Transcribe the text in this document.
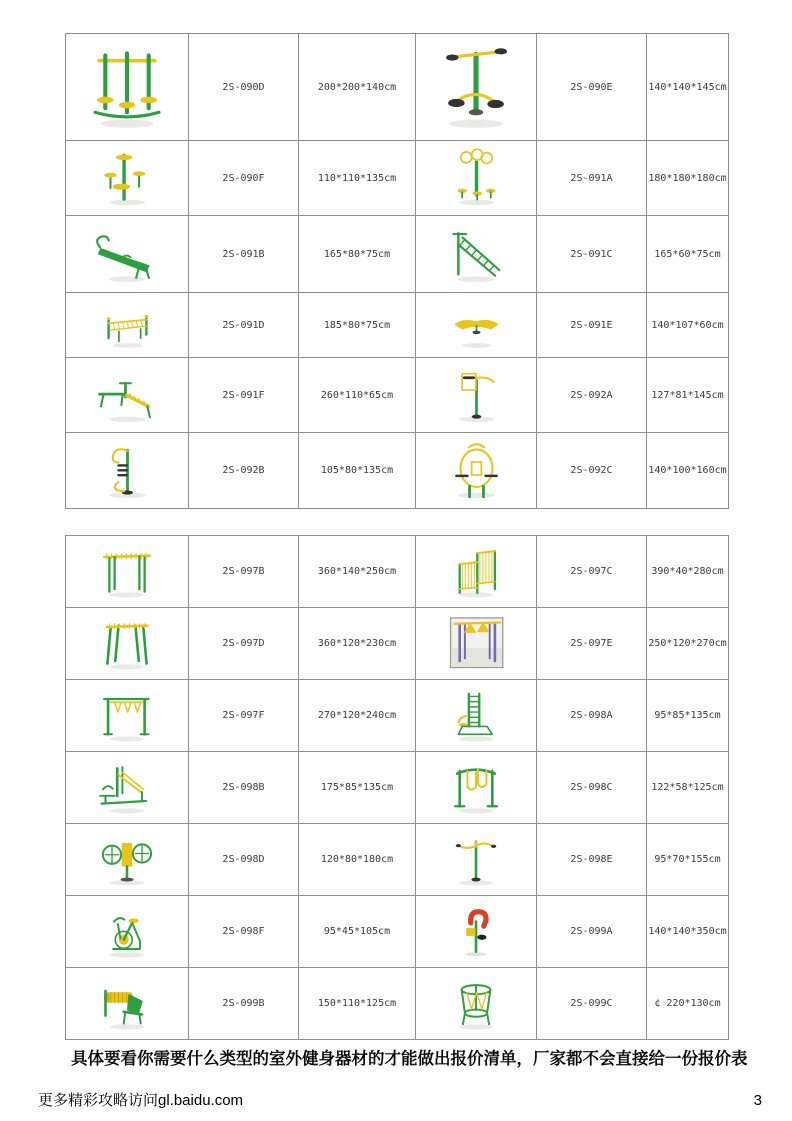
	2S-090D	200*200*140cm		2S-090E	140*140*145cm
	2S-090F	110*110*135cm		2S-091A	180*180*180cm
	2S-091B	165*80*75cm		2S-091C	165*60*75cm
	2S-091D	185*80*75cm		2S-091E	140*107*60cm
	2S-091F	260*110*65cm		2S-092A	127*81*145cm
	2S-092B	105*80*135cm		2S-092C	140*100*160cm
	2S-097B	360*140*250cm		2S-097C	390*40*280cm
	2S-097D	360*120*230cm		2S-097E	250*120*270cm
	2S-097F	270*120*240cm		2S-098A	95*85*135cm
	2S-098B	175*85*135cm		2S-098C	122*58*125cm
	2S-098D	120*80*180cm		2S-098E	95*70*155cm
	2S-098F	95*45*105cm		2S-099A	140*140*350cm
	2S-099B	150*110*125cm		2S-099C	¢ 220*130cm

具体要看你需要什么类型的室外健身器材的才能做出报价清单，厂家都不会直接给一份报价表

更多精彩攻略访问gl.baidu.com	3
